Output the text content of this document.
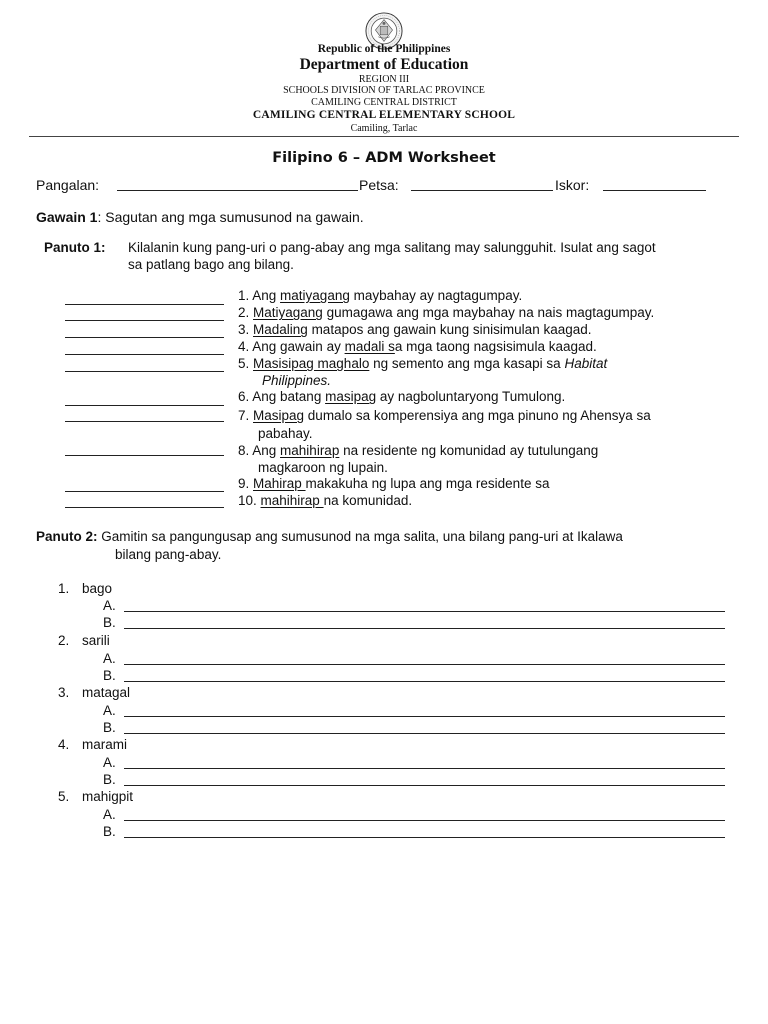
Republic of the Philippines
Department of Education
REGION III
SCHOOLS DIVISION OF TARLAC PROVINCE
CAMILING CENTRAL DISTRICT
CAMILING CENTRAL ELEMENTARY SCHOOL
Camiling, Tarlac
Filipino 6 – ADM Worksheet
Pangalan:	Petsa:	Iskor:
Gawain 1: Sagutan ang mga sumusunod na gawain.
Panuto 1: Kilalanin kung pang-uri o pang-abay ang mga salitang may salungguhit. Isulat ang sagot
sa patlang bago ang bilang.
1. Ang matiyagang maybahay ay nagtagumpay.
2. Matiyagang gumagawa ang mga maybahay na nais magtagumpay.
3. Madaling matapos ang gawain kung sinisimulan kaagad.
4. Ang gawain ay madali sa mga taong nagsisimula kaagad.
5. Masisipag maghalo ng semento ang mga kasapi sa Habitat
Philippines.
6. Ang batang masipag ay nagboluntaryong Tumulong.
7. Masipag dumalo sa komperensiya ang mga pinuno ng Ahensya sa
pabahay.
8. Ang mahihirap na residente ng komunidad ay tutulungang
magkaroon ng lupain.
9. Mahirap makakuha ng lupa ang mga residente sa
10. mahihirap na komunidad.
Panuto 2: Gamitin sa pangungusap ang sumusunod na mga salita, una bilang pang-uri at Ikalawa
bilang pang-abay.
1. bago
A.
B.
2. sarili
A.
B.
3. matagal
A.
B.
4. marami
A.
B.
5. mahigpit
A.
B.
